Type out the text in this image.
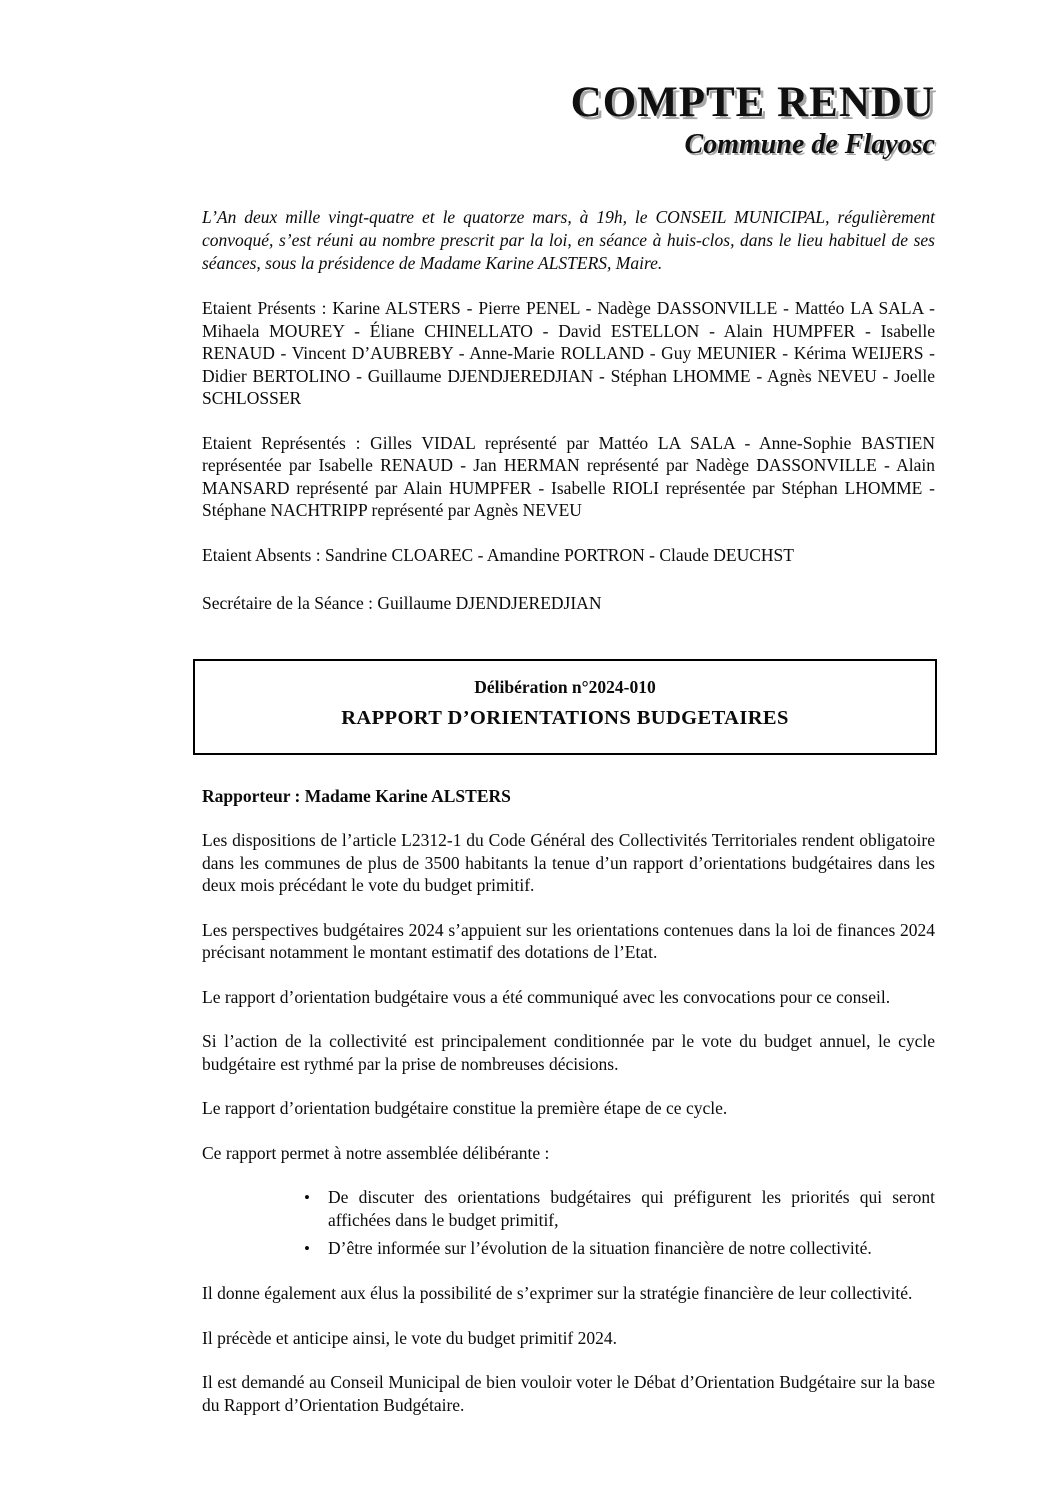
COMPTE RENDU
Commune de Flayosc

L’An deux mille vingt-quatre et le quatorze mars, à 19h, le CONSEIL MUNICIPAL, régulièrement convoqué, s’est réuni au nombre prescrit par la loi, en séance à huis-clos, dans le lieu habituel de ses séances, sous la présidence de Madame Karine ALSTERS, Maire.

Etaient Présents : Karine ALSTERS - Pierre PENEL - Nadège DASSONVILLE - Mattéo LA SALA - Mihaela MOUREY - Éliane CHINELLATO - David ESTELLON - Alain HUMPFER - Isabelle RENAUD - Vincent D’AUBREBY - Anne-Marie ROLLAND - Guy MEUNIER - Kérima WEIJERS - Didier BERTOLINO - Guillaume DJENDJEREDJIAN - Stéphan LHOMME - Agnès NEVEU - Joelle SCHLOSSER

Etaient Représentés : Gilles VIDAL représenté par Mattéo LA SALA - Anne-Sophie BASTIEN représentée par Isabelle RENAUD - Jan HERMAN représenté par Nadège DASSONVILLE - Alain MANSARD représenté par Alain HUMPFER - Isabelle RIOLI représentée par Stéphan LHOMME - Stéphane NACHTRIPP représenté par Agnès NEVEU

Etaient Absents : Sandrine CLOAREC - Amandine PORTRON - Claude DEUCHST

Secrétaire de la Séance : Guillaume DJENDJEREDJIAN

Délibération n°2024-010
RAPPORT D’ORIENTATIONS BUDGETAIRES

Rapporteur : Madame Karine ALSTERS

Les dispositions de l’article L2312-1 du Code Général des Collectivités Territoriales rendent obligatoire dans les communes de plus de 3500 habitants la tenue d’un rapport d’orientations budgétaires dans les deux mois précédant le vote du budget primitif.

Les perspectives budgétaires 2024 s’appuient sur les orientations contenues dans la loi de finances 2024 précisant notamment le montant estimatif des dotations de l’Etat.

Le rapport d’orientation budgétaire vous a été communiqué avec les convocations pour ce conseil.

Si l’action de la collectivité est principalement conditionnée par le vote du budget annuel, le cycle budgétaire est rythmé par la prise de nombreuses décisions.

Le rapport d’orientation budgétaire constitue la première étape de ce cycle.

Ce rapport permet à notre assemblée délibérante :

• De discuter des orientations budgétaires qui préfigurent les priorités qui seront affichées dans le budget primitif,
• D’être informée sur l’évolution de la situation financière de notre collectivité.

Il donne également aux élus la possibilité de s’exprimer sur la stratégie financière de leur collectivité.

Il précède et anticipe ainsi, le vote du budget primitif 2024.

Il est demandé au Conseil Municipal de bien vouloir voter le Débat d’Orientation Budgétaire sur la base du Rapport d’Orientation Budgétaire.
